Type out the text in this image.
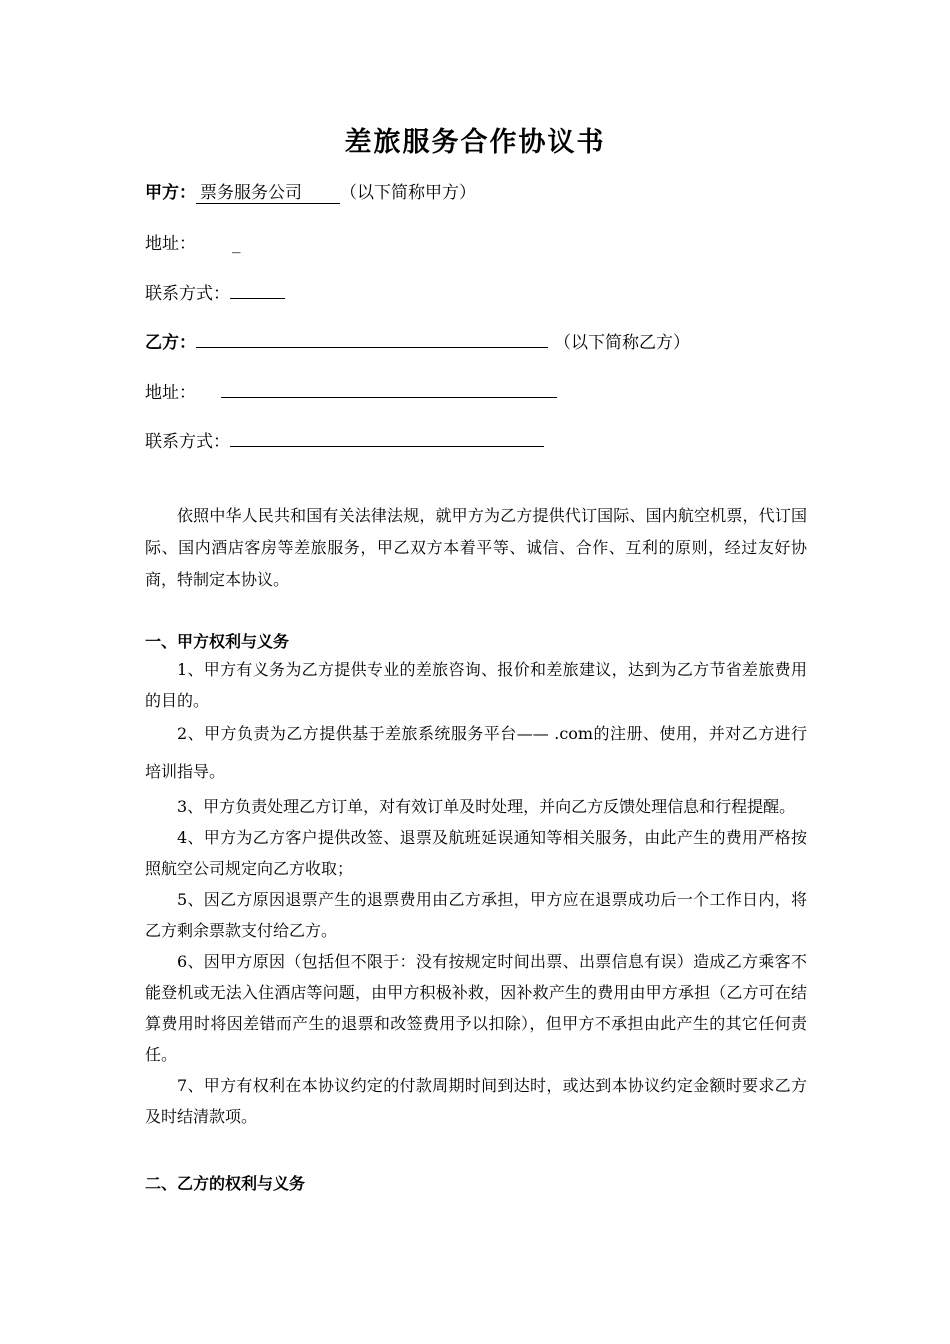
差旅服务合作协议书
甲方： 票务服务公司 （以下简称甲方）
地址： _
联系方式：
乙方：	（以下简称乙方）
地址：
联系方式：
依照中华人民共和国有关法律法规，就甲方为乙方提供代订国际、国内航空机票，代订国际、国内酒店客房等差旅服务，甲乙双方本着平等、诚信、合作、互利的原则，经过友好协商，特制定本协议。
一、甲方权利与义务
1、甲方有义务为乙方提供专业的差旅咨询、报价和差旅建议，达到为乙方节省差旅费用的目的。
2、甲方负责为乙方提供基于差旅系统服务平台—— .com的注册、使用，并对乙方进行培训指导。
3、甲方负责处理乙方订单，对有效订单及时处理，并向乙方反馈处理信息和行程提醒。
4、甲方为乙方客户提供改签、退票及航班延误通知等相关服务，由此产生的费用严格按照航空公司规定向乙方收取；
5、因乙方原因退票产生的退票费用由乙方承担，甲方应在退票成功后一个工作日内，将乙方剩余票款支付给乙方。
6、因甲方原因（包括但不限于：没有按规定时间出票、出票信息有误）造成乙方乘客不能登机或无法入住酒店等问题，由甲方积极补救，因补救产生的费用由甲方承担（乙方可在结算费用时将因差错而产生的退票和改签费用予以扣除），但甲方不承担由此产生的其它任何责任。
7、甲方有权利在本协议约定的付款周期时间到达时，或达到本协议约定金额时要求乙方及时结清款项。
二、乙方的权利与义务
